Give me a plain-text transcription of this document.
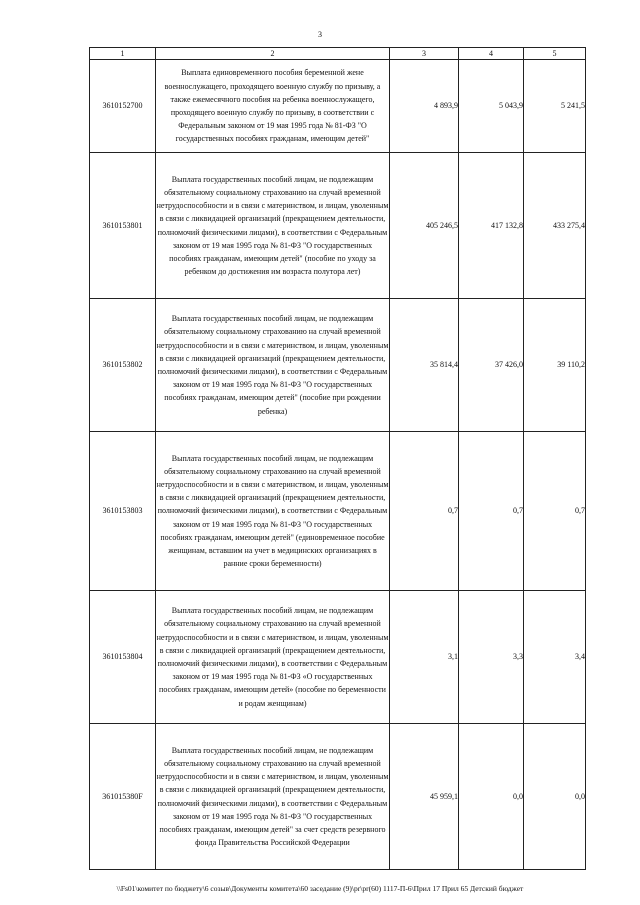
3
1	2	3	4	5
3610152700	Выплата единовременного пособия беременной жене военнослужащего, проходящего военную службу по призыву, а также ежемесячного пособия на ребенка военнослужащего, проходящего военную службу по призыву, в соответствии с Федеральным законом от 19 мая 1995 года № 81-ФЗ "О государственных пособиях гражданам, имеющим детей"	4 893,9	5 043,9	5 241,5
3610153801	Выплата государственных пособий лицам, не подлежащим обязательному социальному страхованию на случай временной нетрудоспособности и в связи с материнством, и лицам, уволенным в связи с ликвидацией организаций (прекращением деятельности, полномочий физическими лицами), в соответствии с Федеральным законом от 19 мая 1995 года № 81-ФЗ "О государственных пособиях гражданам, имеющим детей" (пособие по уходу за ребенком до достижения им возраста полутора лет)	405 246,5	417 132,8	433 275,4
3610153802	Выплата государственных пособий лицам, не подлежащим обязательному социальному страхованию на случай временной нетрудоспособности и в связи с материнством, и лицам, уволенным в связи с ликвидацией организаций (прекращением деятельности, полномочий физическими лицами), в соответствии с Федеральным законом от 19 мая 1995 года № 81-ФЗ "О государственных пособиях гражданам, имеющим детей" (пособие при рождении ребенка)	35 814,4	37 426,0	39 110,2
3610153803	Выплата государственных пособий лицам, не подлежащим обязательному социальному страхованию на случай временной нетрудоспособности и в связи с материнством, и лицам, уволенным в связи с ликвидацией организаций (прекращением деятельности, полномочий физическими лицами), в соответствии с Федеральным законом от 19 мая 1995 года № 81-ФЗ "О государственных пособиях гражданам, имеющим детей" (единовременное пособие женщинам, вставшим на учет в медицинских организациях в ранние сроки беременности)	0,7	0,7	0,7
3610153804	Выплата государственных пособий лицам, не подлежащим обязательному социальному страхованию на случай временной нетрудоспособности и в связи с материнством, и лицам, уволенным в связи с ликвидацией организаций (прекращением деятельности, полномочий физическими лицами), в соответствии с Федеральным законом от 19 мая 1995 года № 81-ФЗ «О государственных пособиях гражданам, имеющим детей» (пособие по беременности и родам женщинам)	3,1	3,3	3,4
361015380F	Выплата государственных пособий лицам, не подлежащим обязательному социальному страхованию на случай временной нетрудоспособности и в связи с материнством, и лицам, уволенным в связи с ликвидацией организаций (прекращением деятельности, полномочий физическими лицами), в соответствии с Федеральным законом от 19 мая 1995 года № 81-ФЗ "О государственных пособиях гражданам, имеющим детей" за счет средств резервного фонда Правительства Российской Федерации	45 959,1	0,0	0,0
\\Fs01\комитет по бюджету\6 созыв\Документы комитета\60 заседание (9)\pr\pr(60) 1117-П-6\Прил 17 Прил 65 Детский бюджет
